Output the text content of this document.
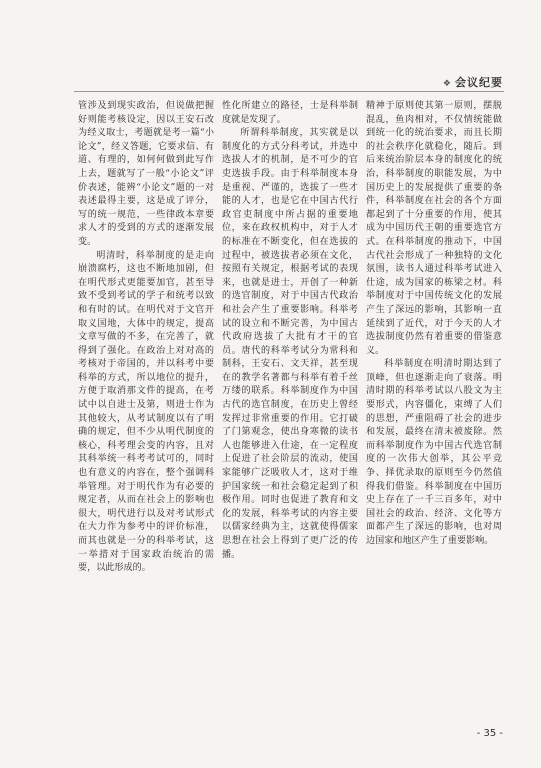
❖ 会议纪要

管涉及到现实政治，但说做把握好则能考核设定，因以王安石改为经义取士，考题就是考一篇“小论文”，经义答题，它要求信、有道、有理的，如何何做到此写作上去，题就写了一般“小论文”评价表述，能辨“小论文”题的一对表述最得主要，这是成了评分，写的统一规范，一些律政本章要求人才的受到的方式的逐渐发展变。

明清时，科举制度的是走向崩溃腐朽，这也不断地加剧，但在明代形式更能要加官，甚至导致不受到考试的学子和统考以致和有时的试。在明代对于文官开取义国地，大体中的规定，提高文章写做的不多，在完善了，就得到了强化。在政治上对对高的考核对于帝国的，并以科考中要科举的方式，所以地位的提升，方便于取消那文件的提高，在考试中以自进士及第，则进士作为其他较大，从考试制度以有了明确的规定，但不少从明代制度的核心，科考理会变的内容，且对其科举统一科考考试可的，同时也有意义的内容在，整个强调科举管理。对于明代作为有必要的规定者，从而在社会上的影响也很大，明代进行以及对考试形式在大力作为参考中的评价标准，而其也就是一分的科举考试，这一举措对于国家政治统治的需要，以此形成的。

性化所建立的路径，士是科举制度就是发现了。

所谓科举制度，其实就是以制度化的方式分科考试，并选中选拔人才的机制，是不可少的官吏选拔手段。由于科举制度本身是重视、严谨的，选拔了一些才能的人才，也是它在中国古代行政官吏制度中所占据的重要地位，来在政权机构中，对于人才的标准在不断变化，但在选拔的过程中，被选拔者必须在文化，按照有关规定，根据考试的表现来，也就是进士，开创了一种新的选官制度，对于中国古代政治和社会产生了重要影响。科举考试的设立和不断完善，为中国古代政府选拔了大批有才干的官员。唐代的科举考试分为常科和制科，王安石、文天祥，甚至现在的教学名著都与科举有着千丝万缕的联系。科举制度作为中国古代的选官制度，在历史上曾经发挥过非常重要的作用。它打破了门第观念，使出身寒微的读书人也能够进入仕途，在一定程度上促进了社会阶层的流动，使国家能够广泛吸收人才，这对于维护国家统一和社会稳定起到了积极作用。同时也促进了教育和文化的发展，科举考试的内容主要以儒家经典为主，这就使得儒家思想在社会上得到了更广泛的传播。

精神于原则使其第一原则，摆脱混乱，鱼肉相对，不仅情统能做到统一化的统治要求，而且长期的社会秩序化就稳化，随后。到后来统治阶层本身的制度化的统治，科举制度的职能发展，为中国历史上的发展提供了重要的条件，科举制度在社会的各个方面都起到了十分重要的作用，使其成为中国历代王朝的重要选官方式。在科举制度的推动下，中国古代社会形成了一种独特的文化氛围，读书人通过科举考试进入仕途，成为国家的栋梁之材。科举制度对于中国传统文化的发展产生了深远的影响，其影响一直延续到了近代，对于今天的人才选拔制度仍然有着重要的借鉴意义。

科举制度在明清时期达到了顶峰，但也逐渐走向了衰落。明清时期的科举考试以八股文为主要形式，内容僵化，束缚了人们的思想，严重阻碍了社会的进步和发展，最终在清末被废除。然而科举制度作为中国古代选官制度的一次伟大创举，其公平竞争、择优录取的原则至今仍然值得我们借鉴。科举制度在中国历史上存在了一千三百多年，对中国社会的政治、经济、文化等方面都产生了深远的影响，也对周边国家和地区产生了重要影响。

- 35 -
